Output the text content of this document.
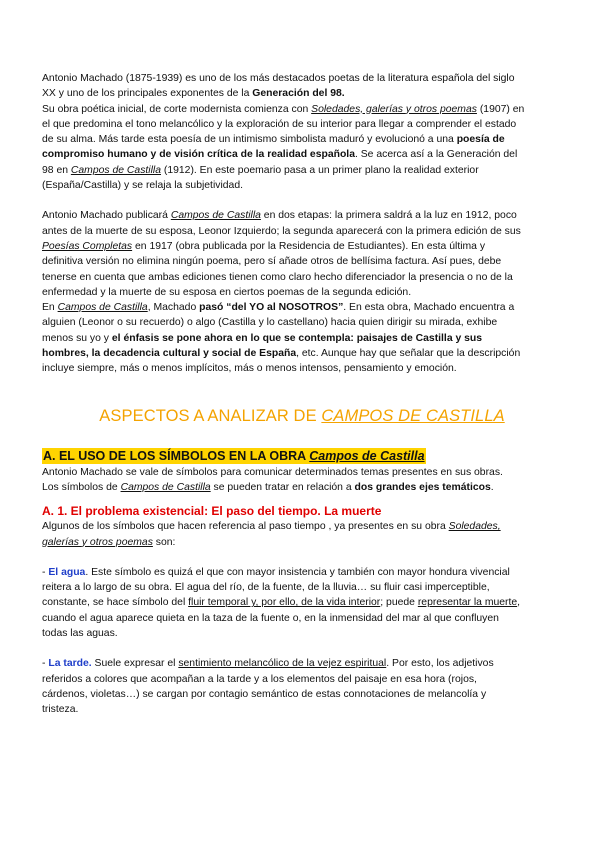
Antonio Machado (1875-1939) es uno de los más destacados poetas de la literatura española del siglo

XX y uno de los principales exponentes de la Generación del 98.

Su obra poética inicial, de corte modernista comienza con Soledades, galerías y otros poemas (1907) en

el que predomina el tono melancólico y la exploración de su interior para llegar a comprender el estado

de su alma. Más tarde esta poesía de un intimismo simbolista maduró y evolucionó a una poesía de

compromiso humano y de visión crítica de la realidad española. Se acerca así a la Generación del

98 en Campos de Castilla (1912). En este poemario pasa a un primer plano la realidad exterior

(España/Castilla) y se relaja la subjetividad.

Antonio Machado publicará Campos de Castilla en dos etapas: la primera saldrá a la luz en 1912, poco

antes de la muerte de su esposa, Leonor Izquierdo; la segunda aparecerá con la primera edición de sus

Poesías Completas en 1917 (obra publicada por la Residencia de Estudiantes). En esta última y

definitiva versión no elimina ningún poema, pero sí añade otros de bellísima factura. Así pues, debe

tenerse en cuenta que ambas ediciones tienen como claro hecho diferenciador la presencia o no de la

enfermedad y la muerte de su esposa en ciertos poemas de la segunda edición.

En Campos de Castilla, Machado pasó “del YO al NOSOTROS”. En esta obra, Machado encuentra a

alguien (Leonor o su recuerdo) o algo (Castilla y lo castellano) hacia quien dirigir su mirada, exhibe

menos su yo y el énfasis se pone ahora en lo que se contempla: paisajes de Castilla y sus

hombres, la decadencia cultural y social de España, etc. Aunque hay que señalar que la descripción

incluye siempre, más o menos implícitos, más o menos intensos, pensamiento y emoción.

ASPECTOS A ANALIZAR DE CAMPOS DE CASTILLA
A. EL USO DE LOS SÍMBOLOS EN LA OBRA Campos de Castilla

Antonio Machado se vale de símbolos para comunicar determinados temas presentes en sus obras.

Los símbolos de Campos de Castilla se pueden tratar en relación a dos grandes ejes temáticos.

A. 1. El problema existencial: El paso del tiempo. La muerte

Algunos de los símbolos que hacen referencia al paso tiempo , ya presentes en su obra Soledades,

galerías y otros poemas son:

- El agua. Este símbolo es quizá el que con mayor insistencia y también con mayor hondura vivencial

reitera a lo largo de su obra. El agua del río, de la fuente, de la lluvia… su fluir casi imperceptible,

constante, se hace símbolo del fluir temporal y, por ello, de la vida interior; puede representar la muerte,

cuando el agua aparece quieta en la taza de la fuente o, en la inmensidad del mar al que confluyen

todas las aguas.

- La tarde. Suele expresar el sentimiento melancólico de la vejez espiritual. Por esto, los adjetivos

referidos a colores que acompañan a la tarde y a los elementos del paisaje en esa hora (rojos,

cárdenos, violetas…) se cargan por contagio semántico de estas connotaciones de melancolía y

tristeza.
